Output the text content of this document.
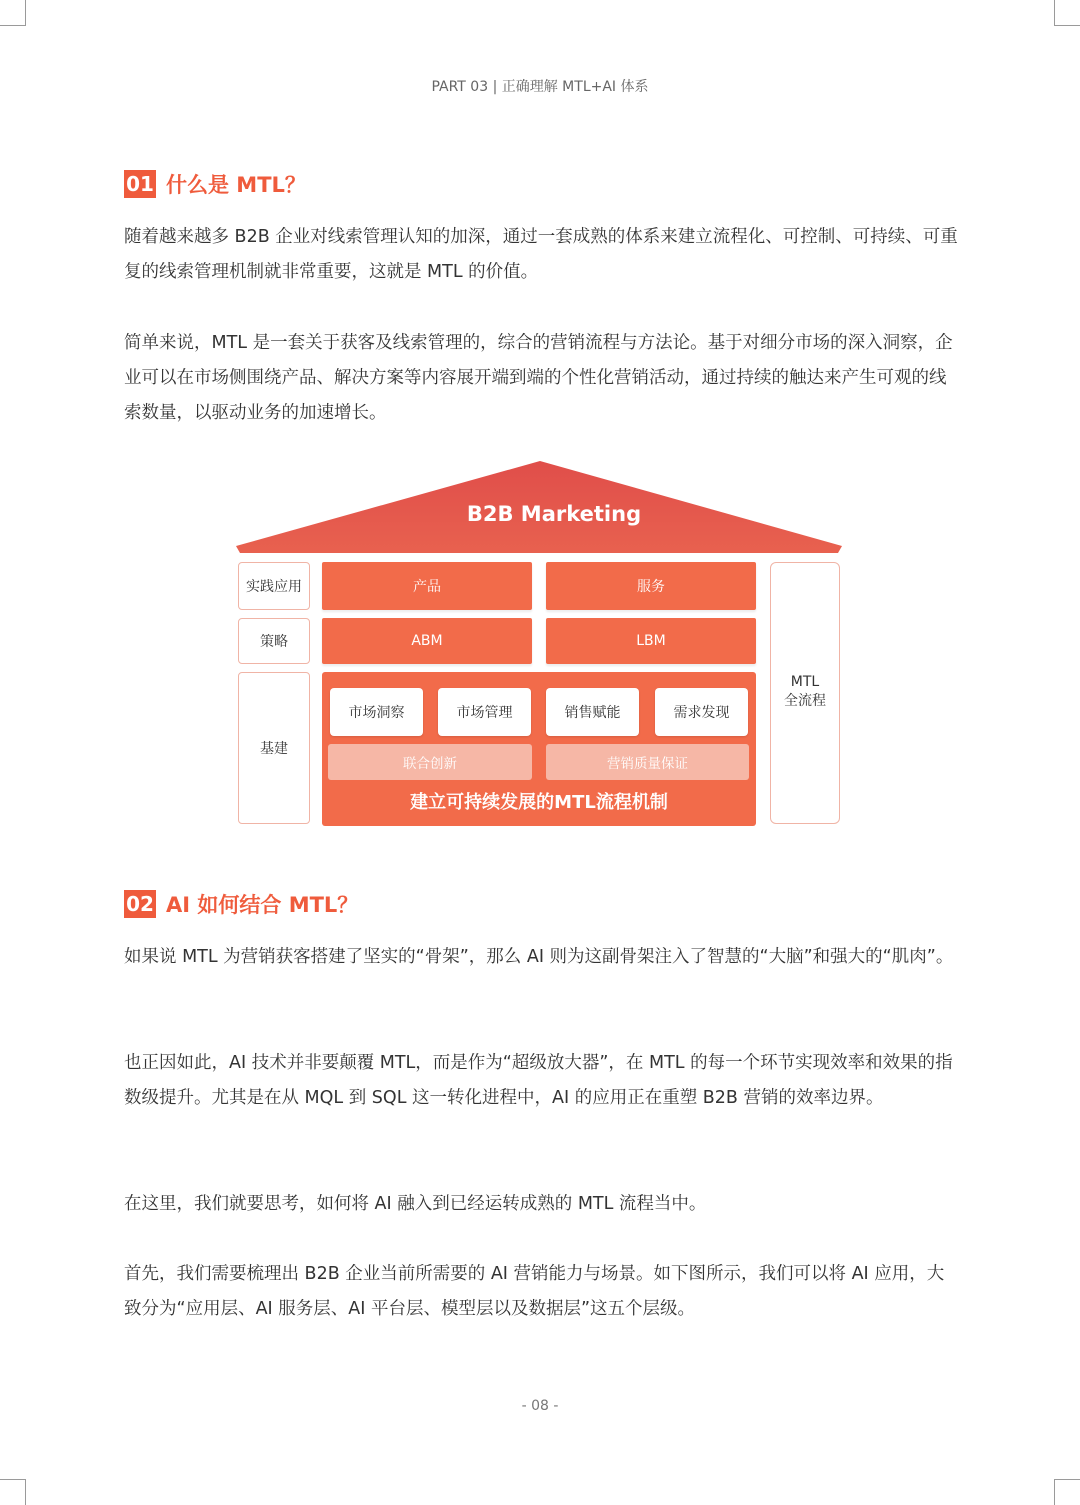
PART 03 | 正确理解 MTL+AI 体系
01 什么是 MTL？

随着越来越多 B2B 企业对线索管理认知的加深，通过一套成熟的体系来建立流程化、可控制、可持续、可重复的线索管理机制就非常重要，这就是 MTL 的价值。

简单来说，MTL 是一套关于获客及线索管理的，综合的营销流程与方法论。基于对细分市场的深入洞察，企业可以在市场侧围绕产品、解决方案等内容展开端到端的个性化营销活动，通过持续的触达来产生可观的线索数量，以驱动业务的加速增长。

B2B Marketing
实践应用
策略
基建
产品	服务
ABM	LBM
市场洞察	市场管理	销售赋能	需求发现
联合创新	营销质量保证
建立可持续发展的MTL流程机制
MTL
全流程
02 AI 如何结合 MTL？

如果说 MTL 为营销获客搭建了坚实的“骨架”，那么 AI 则为这副骨架注入了智慧的“大脑”和强大的“肌肉”。

也正因如此，AI 技术并非要颠覆 MTL，而是作为“超级放大器”，在 MTL 的每一个环节实现效率和效果的指数级提升。尤其是在从 MQL 到 SQL 这一转化进程中，AI 的应用正在重塑 B2B 营销的效率边界。

在这里，我们就要思考，如何将 AI 融入到已经运转成熟的 MTL 流程当中。

首先，我们需要梳理出 B2B 企业当前所需要的 AI 营销能力与场景。如下图所示，我们可以将 AI 应用，大致分为“应用层、AI 服务层、AI 平台层、模型层以及数据层”这五个层级。

- 08 -
